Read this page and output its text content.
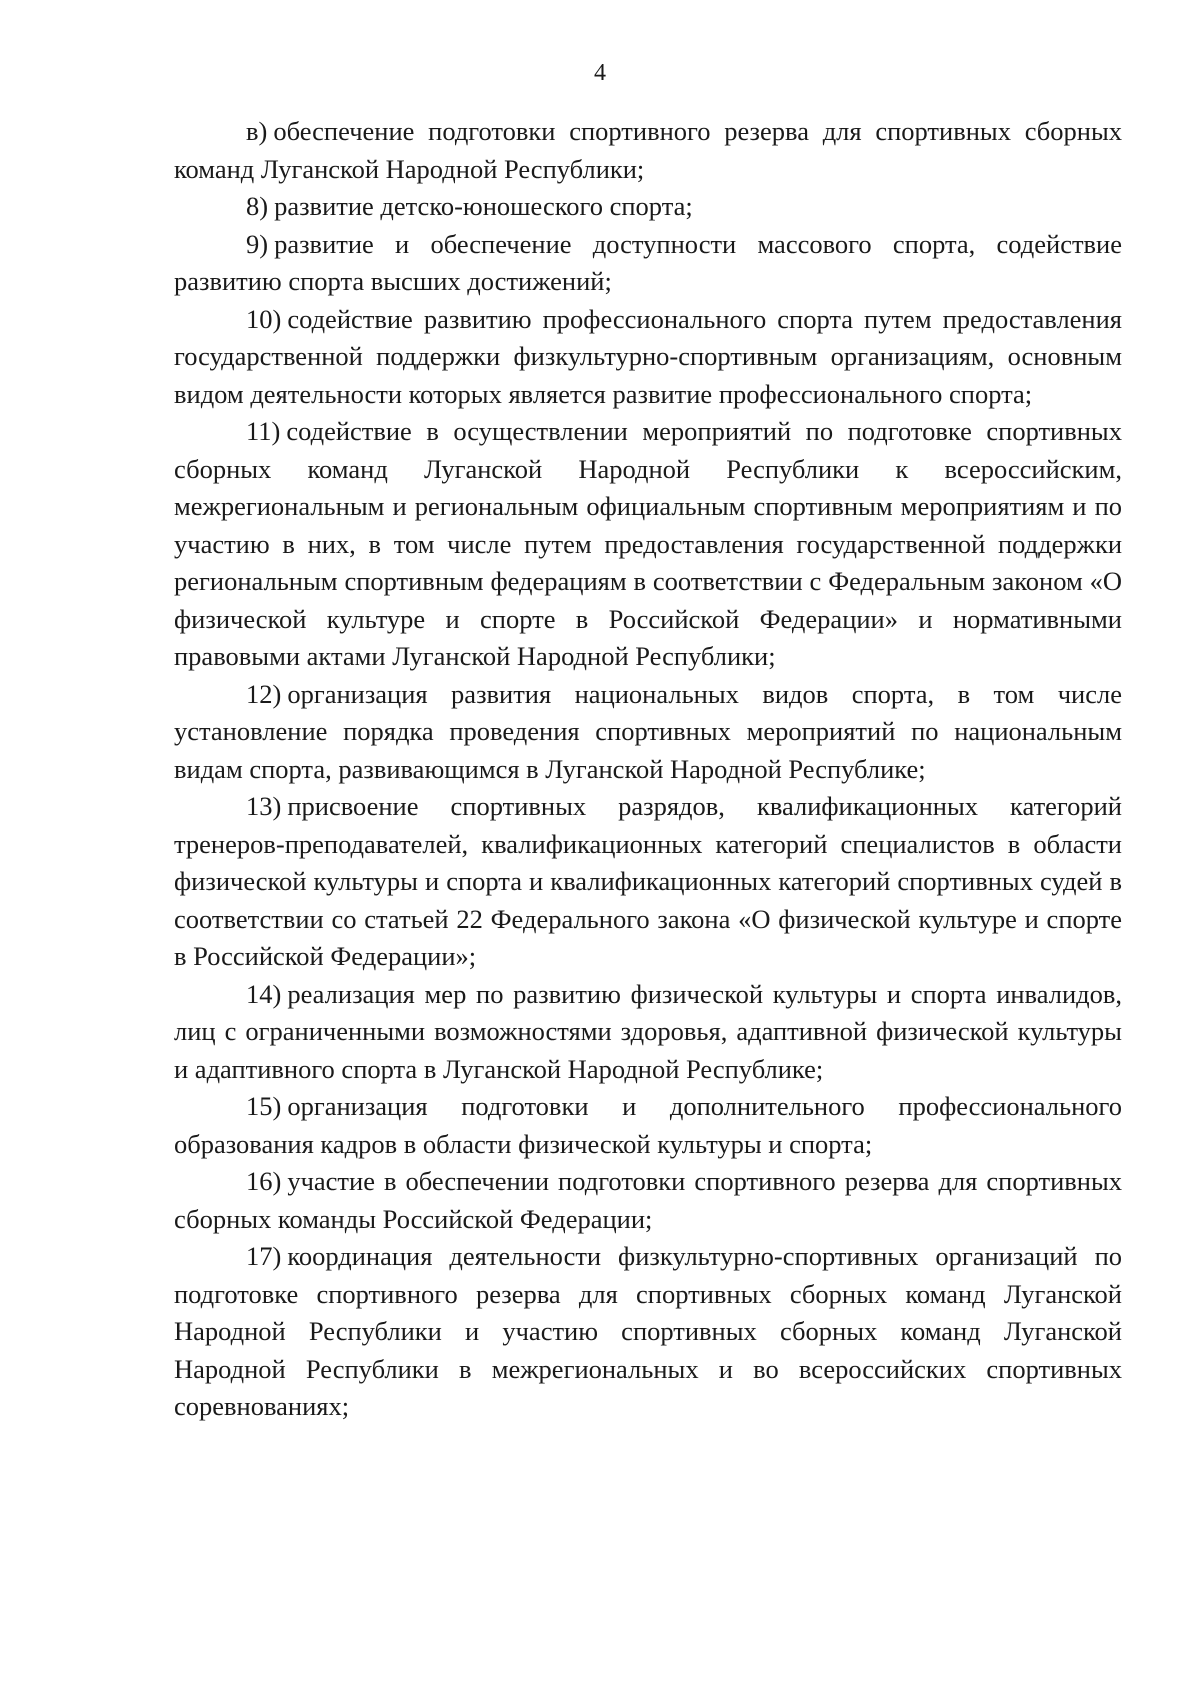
4

в) обеспечение подготовки спортивного резерва для спортивных сборных команд Луганской Народной Республики;

8) развитие детско-юношеского спорта;

9) развитие и обеспечение доступности массового спорта, содействие развитию спорта высших достижений;

10) содействие развитию профессионального спорта путем предоставления государственной поддержки физкультурно-спортивным организациям, основным видом деятельности которых является развитие профессионального спорта;

11) содействие в осуществлении мероприятий по подготовке спортивных сборных команд Луганской Народной Республики к всероссийским, межрегиональным и региональным официальным спортивным мероприятиям и по участию в них, в том числе путем предоставления государственной поддержки региональным спортивным федерациям в соответствии с Федеральным законом «О физической культуре и спорте в Российской Федерации» и нормативными правовыми актами Луганской Народной Республики;

12) организация развития национальных видов спорта, в том числе установление порядка проведения спортивных мероприятий по национальным видам спорта, развивающимся в Луганской Народной Республике;

13) присвоение спортивных разрядов, квалификационных категорий тренеров-преподавателей, квалификационных категорий специалистов в области физической культуры и спорта и квалификационных категорий спортивных судей в соответствии со статьей 22 Федерального закона «О физической культуре и спорте в Российской Федерации»;

14) реализация мер по развитию физической культуры и спорта инвалидов, лиц с ограниченными возможностями здоровья, адаптивной физической культуры и адаптивного спорта в Луганской Народной Республике;

15) организация подготовки и дополнительного профессионального образования кадров в области физической культуры и спорта;

16) участие в обеспечении подготовки спортивного резерва для спортивных сборных команды Российской Федерации;

17) координация деятельности физкультурно-спортивных организаций по подготовке спортивного резерва для спортивных сборных команд Луганской Народной Республики и участию спортивных сборных команд Луганской Народной Республики в межрегиональных и во всероссийских спортивных соревнованиях;
